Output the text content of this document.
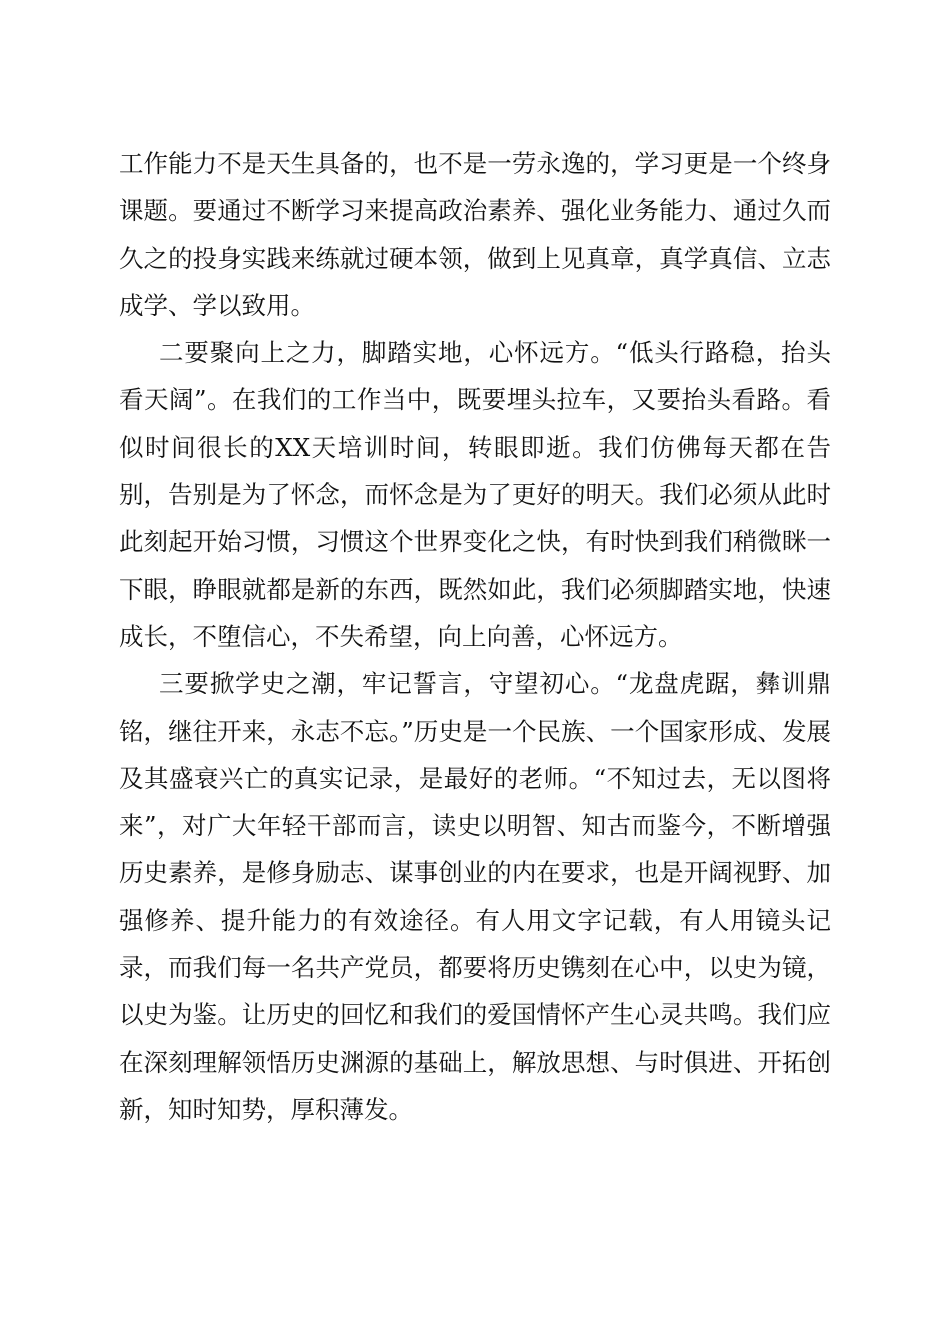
工作能力不是天生具备的，也不是一劳永逸的，学习更是一个终身课题。要通过不断学习来提高政治素养、强化业务能力、通过久而久之的投身实践来练就过硬本领，做到上见真章，真学真信、立志成学、学以致用。

二要聚向上之力，脚踏实地，心怀远方。“低头行路稳，抬头看天阔”。在我们的工作当中，既要埋头拉车，又要抬头看路。看似时间很长的XX天培训时间，转眼即逝。我们仿佛每天都在告别，告别是为了怀念，而怀念是为了更好的明天。我们必须从此时此刻起开始习惯，习惯这个世界变化之快，有时快到我们稍微眯一下眼，睁眼就都是新的东西，既然如此，我们必须脚踏实地，快速成长，不堕信心，不失希望，向上向善，心怀远方。

三要掀学史之潮，牢记誓言，守望初心。“龙盘虎踞，彝训鼎铭，继往开来，永志不忘。”历史是一个民族、一个国家形成、发展及其盛衰兴亡的真实记录，是最好的老师。“不知过去，无以图将来”，对广大年轻干部而言，读史以明智、知古而鉴今，不断增强历史素养，是修身励志、谋事创业的内在要求，也是开阔视野、加强修养、提升能力的有效途径。有人用文字记载，有人用镜头记录，而我们每一名共产党员，都要将历史镌刻在心中，以史为镜，以史为鉴。让历史的回忆和我们的爱国情怀产生心灵共鸣。我们应在深刻理解领悟历史渊源的基础上，解放思想、与时俱进、开拓创新，知时知势，厚积薄发。
